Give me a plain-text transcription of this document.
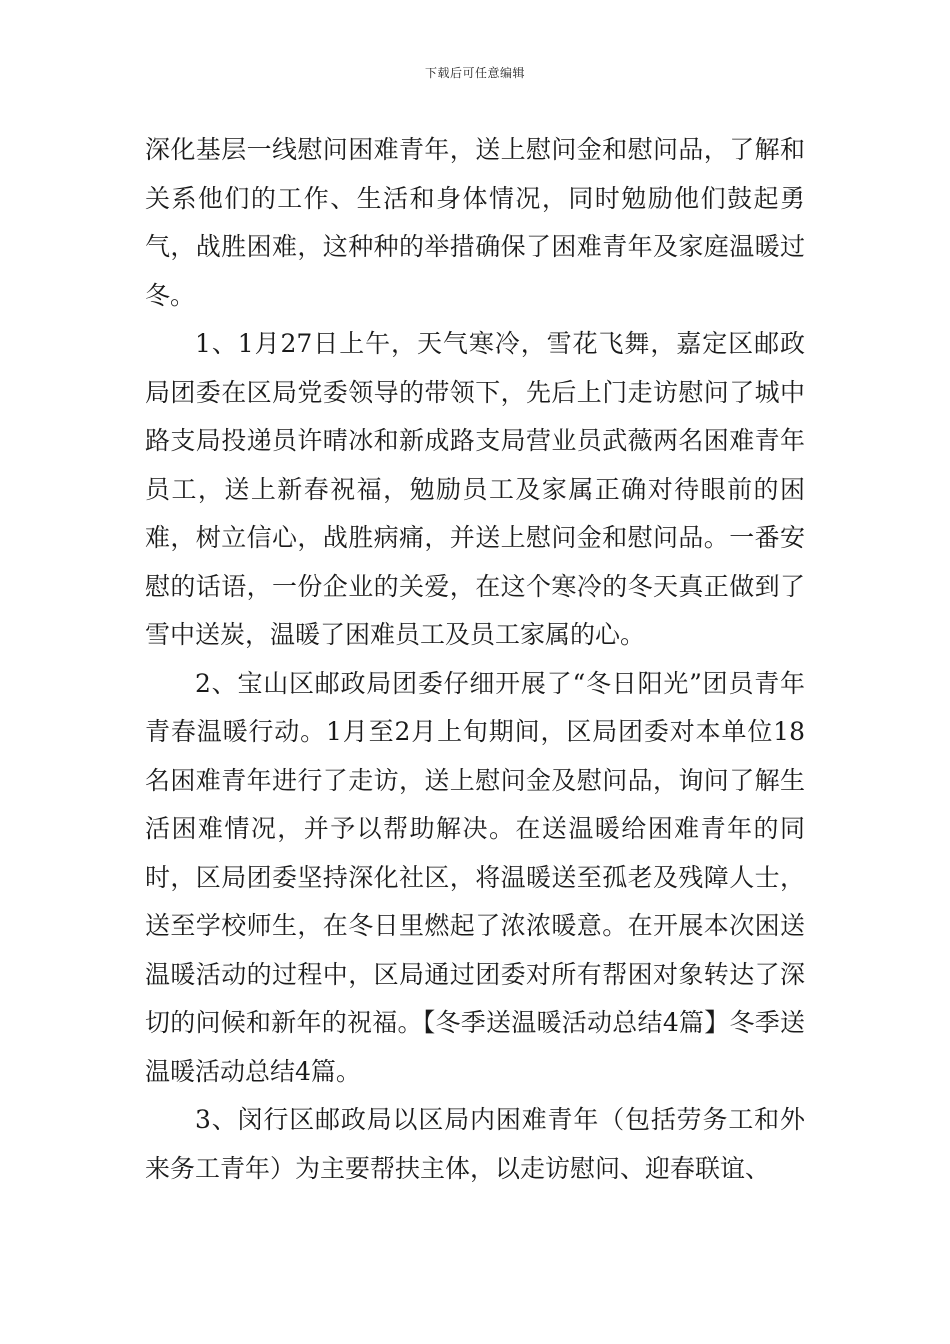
下载后可任意编辑

深化基层一线慰问困难青年，送上慰问金和慰问品，了解和关系他们的工作、生活和身体情况，同时勉励他们鼓起勇气，战胜困难，这种种的举措确保了困难青年及家庭温暖过冬。

1、1月27日上午，天气寒冷，雪花飞舞，嘉定区邮政局团委在区局党委领导的带领下，先后上门走访慰问了城中路支局投递员许晴冰和新成路支局营业员武薇两名困难青年员工，送上新春祝福，勉励员工及家属正确对待眼前的困难，树立信心，战胜病痛，并送上慰问金和慰问品。一番安慰的话语，一份企业的关爱，在这个寒冷的冬天真正做到了雪中送炭，温暖了困难员工及员工家属的心。

2、宝山区邮政局团委仔细开展了“冬日阳光”团员青年青春温暖行动。1月至2月上旬期间，区局团委对本单位18名困难青年进行了走访，送上慰问金及慰问品，询问了解生活困难情况，并予以帮助解决。在送温暖给困难青年的同时，区局团委坚持深化社区，将温暖送至孤老及残障人士，送至学校师生，在冬日里燃起了浓浓暖意。在开展本次困送温暖活动的过程中，区局通过团委对所有帮困对象转达了深切的问候和新年的祝福。【冬季送温暖活动总结4篇】冬季送温暖活动总结4篇。

3、闵行区邮政局以区局内困难青年（包括劳务工和外来务工青年）为主要帮扶主体，以走访慰问、迎春联谊、
